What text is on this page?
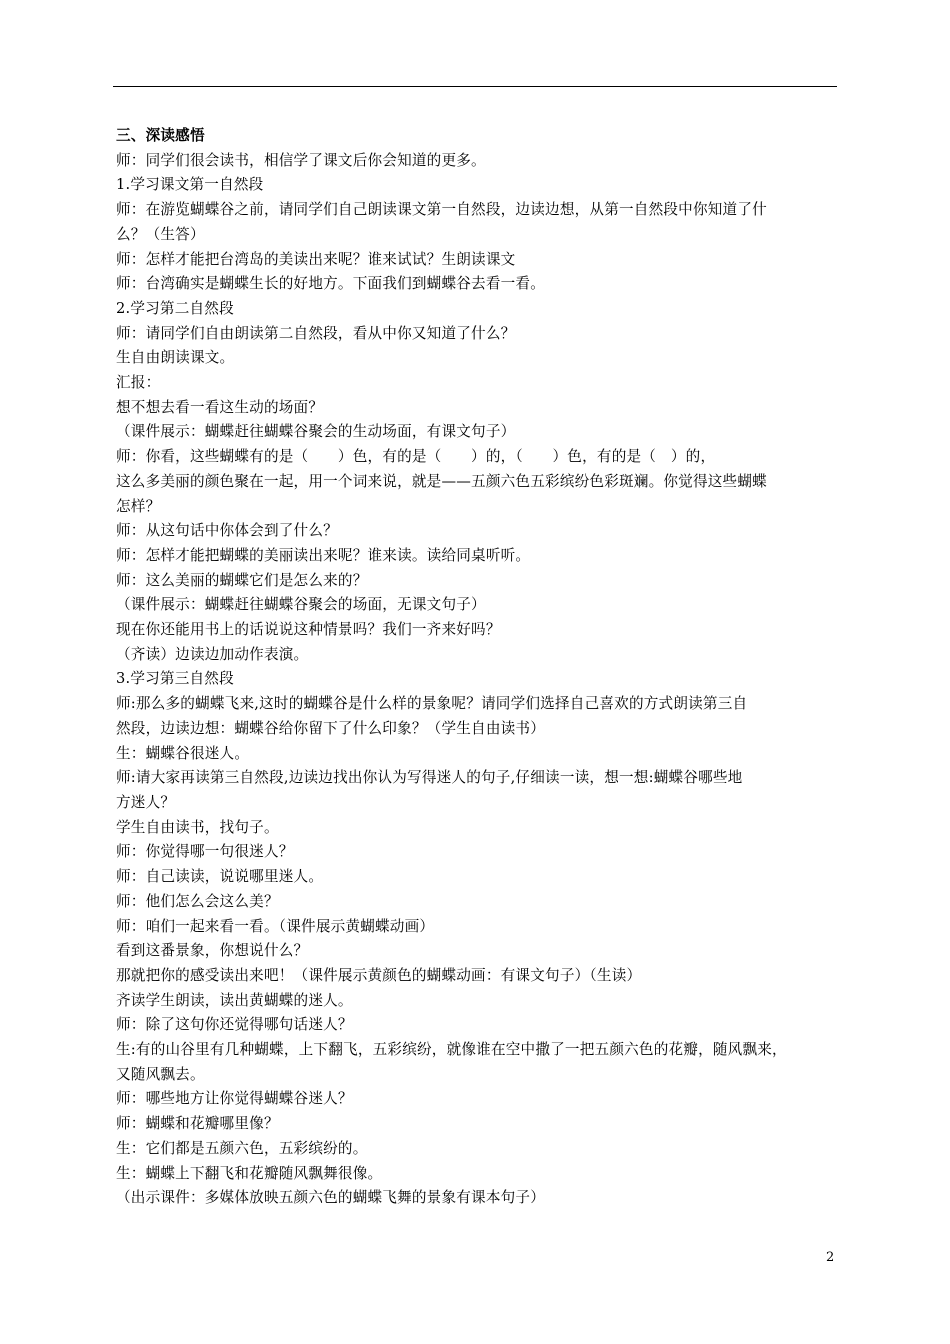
三、深读感悟
师：同学们很会读书，相信学了课文后你会知道的更多。
1.学习课文第一自然段
师：在游览蝴蝶谷之前，请同学们自己朗读课文第一自然段，边读边想，从第一自然段中你知道了什
么？（生答）
师：怎样才能把台湾岛的美读出来呢？谁来试试？生朗读课文
师：台湾确实是蝴蝶生长的好地方。下面我们到蝴蝶谷去看一看。
2.学习第二自然段
师：请同学们自由朗读第二自然段，看从中你又知道了什么？
生自由朗读课文。
汇报：
想不想去看一看这生动的场面？
（课件展示：蝴蝶赶往蝴蝶谷聚会的生动场面，有课文句子）
师：你看，这些蝴蝶有的是（　　）色，有的是（　　）的，（　　）色，有的是（　）的，
这么多美丽的颜色聚在一起，用一个词来说，就是——五颜六色五彩缤纷色彩斑斓。你觉得这些蝴蝶
怎样？
师：从这句话中你体会到了什么？
师：怎样才能把蝴蝶的美丽读出来呢？谁来读。读给同桌听听。
师：这么美丽的蝴蝶它们是怎么来的？
（课件展示：蝴蝶赶往蝴蝶谷聚会的场面，无课文句子）
现在你还能用书上的话说说这种情景吗？我们一齐来好吗？
（齐读）边读边加动作表演。
3.学习第三自然段
师:那么多的蝴蝶飞来,这时的蝴蝶谷是什么样的景象呢？请同学们选择自己喜欢的方式朗读第三自
然段，边读边想：蝴蝶谷给你留下了什么印象？（学生自由读书）
生：蝴蝶谷很迷人。
师:请大家再读第三自然段,边读边找出你认为写得迷人的句子,仔细读一读，想一想:蝴蝶谷哪些地
方迷人？
学生自由读书，找句子。
师：你觉得哪一句很迷人？
师：自己读读，说说哪里迷人。
师：他们怎么会这么美？
师：咱们一起来看一看。（课件展示黄蝴蝶动画）
看到这番景象，你想说什么？
那就把你的感受读出来吧！（课件展示黄颜色的蝴蝶动画：有课文句子）（生读）
齐读学生朗读，读出黄蝴蝶的迷人。
师：除了这句你还觉得哪句话迷人？
生:有的山谷里有几种蝴蝶，上下翻飞，五彩缤纷，就像谁在空中撒了一把五颜六色的花瓣，随风飘来，
又随风飘去。
师：哪些地方让你觉得蝴蝶谷迷人？
师：蝴蝶和花瓣哪里像？
生：它们都是五颜六色，五彩缤纷的。
生：蝴蝶上下翻飞和花瓣随风飘舞很像。
（出示课件：多媒体放映五颜六色的蝴蝶飞舞的景象有课本句子）
2
